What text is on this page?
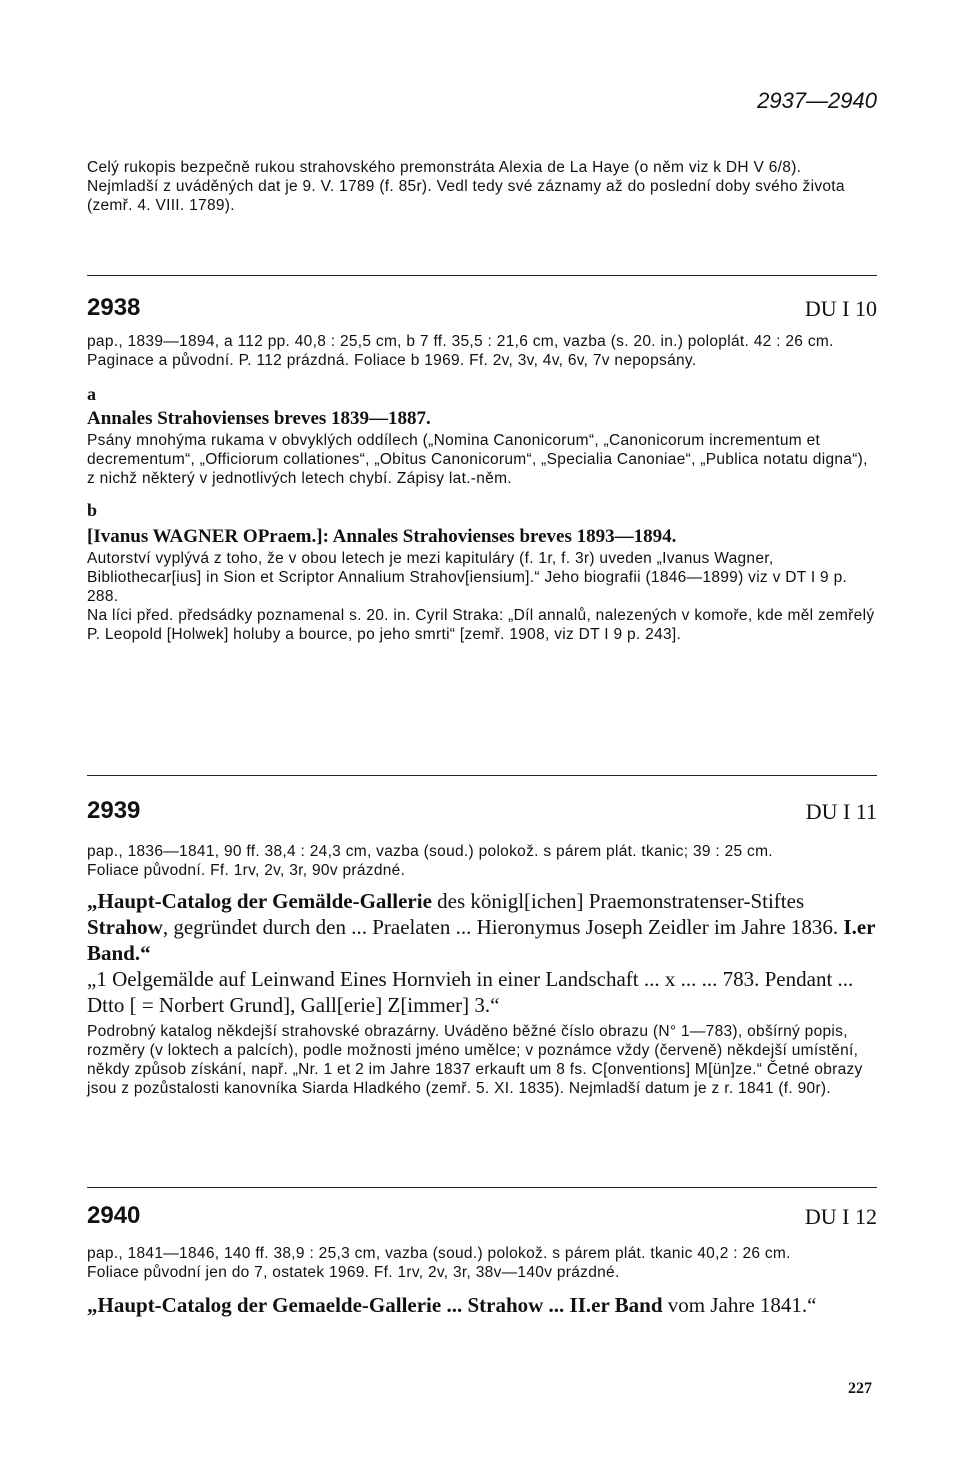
2937—2940

Celý rukopis bezpečně rukou strahovského premonstráta Alexia de La Haye (o něm viz k DH V 6/8). Nejmladší z uváděných dat je 9. V. 1789 (f. 85r). Vedl tedy své záznamy až do poslední doby svého života (zemř. 4. VIII. 1789).

2938	DU I 10

pap., 1839—1894, a 112 pp. 40,8 : 25,5 cm, b 7 ff. 35,5 : 21,6 cm, vazba (s. 20. in.) poloplát. 42 : 26 cm.

Paginace a původní. P. 112 prázdná. Foliace b 1969. Ff. 2v, 3v, 4v, 6v, 7v nepopsány.

a

Annales Strahovienses breves 1839—1887.

Psány mnohýma rukama v obvyklých oddílech („Nomina Canonicorum“, „Canonicorum incrementum et decrementum“, „Officiorum collationes“, „Obitus Canonicorum“, „Specialia Canoniae“, „Publica notatu digna“), z nichž některý v jednotlivých letech chybí. Zápisy lat.-něm.

b

[Ivanus WAGNER OPraem.]: Annales Strahovienses breves 1893—1894.

Autorství vyplývá z toho, že v obou letech je mezi kapituláry (f. 1r, f. 3r) uveden „Ivanus Wagner, Bibliothecar[ius] in Sion et Scriptor Annalium Strahov[iensium].“ Jeho biografii (1846—1899) viz v DT I 9 p. 288.

Na líci před. předsádky poznamenal s. 20. in. Cyril Straka: „Díl annalů, nalezených v komoře, kde měl zemřelý P. Leopold [Holwek] holuby a bource, po jeho smrti“ [zemř. 1908, viz DT I 9 p. 243].

2939	DU I 11

pap., 1836—1841, 90 ff. 38,4 : 24,3 cm, vazba (soud.) polokož. s párem plát. tkanic; 39 : 25 cm.

Foliace původní. Ff. 1rv, 2v, 3r, 90v prázdné.

„Haupt-Catalog der Gemälde-Gallerie des königl[ichen] Praemonstratenser-Stiftes Strahow, gegründet durch den ... Praelaten ... Hieronymus Joseph Zeidler im Jahre 1836. I.er Band.“

„1 Oelgemälde auf Leinwand Eines Hornvieh in einer Landschaft ... x ... ... 783. Pendant ... Dtto [ = Norbert Grund], Gall[erie] Z[immer] 3.“

Podrobný katalog někdejší strahovské obrazárny. Uváděno běžné číslo obrazu (N° 1—783), obšírný popis, rozměry (v loktech a palcích), podle možnosti jméno umělce; v poznámce vždy (červeně) někdejší umístění, někdy způsob získání, např. „Nr. 1 et 2 im Jahre 1837 erkauft um 8 fs. C[onventions] M[ün]ze.“ Četné obrazy jsou z pozůstalosti kanovníka Siarda Hladkého (zemř. 5. XI. 1835). Nejmladší datum je z r. 1841 (f. 90r).

2940	DU I 12

pap., 1841—1846, 140 ff. 38,9 : 25,3 cm, vazba (soud.) polokož. s párem plát. tkanic 40,2 : 26 cm.

Foliace původní jen do 7, ostatek 1969. Ff. 1rv, 2v, 3r, 38v—140v prázdné.

„Haupt-Catalog der Gemaelde-Gallerie ... Strahow ... II.er Band vom Jahre 1841.“

227
